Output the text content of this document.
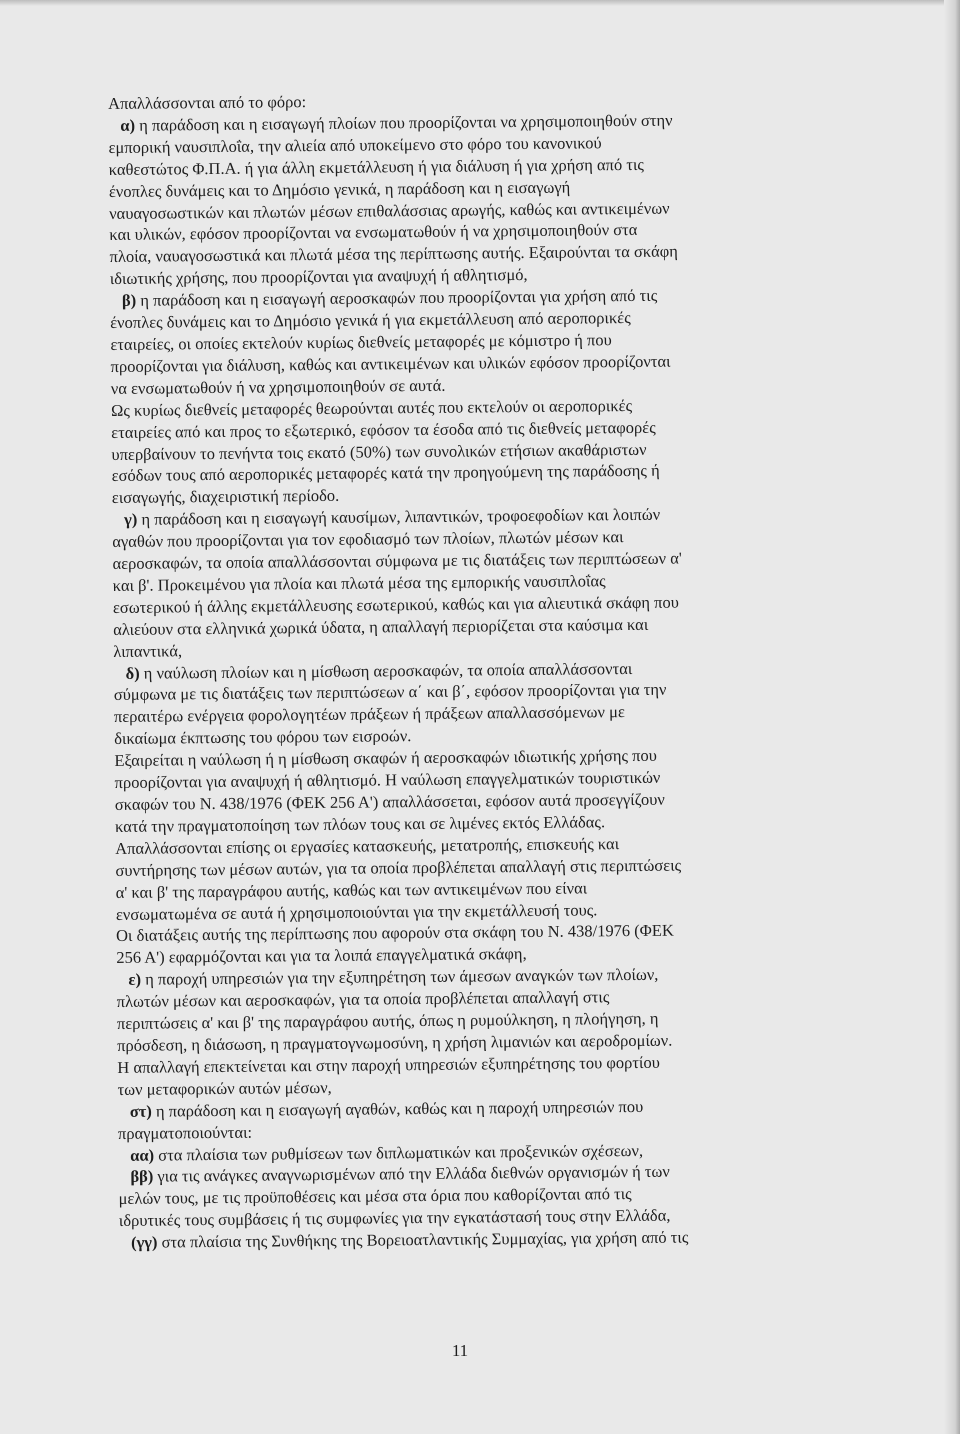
Απαλλάσσονται από το φόρο:
α) η παράδοση και η εισαγωγή πλοίων που προορίζονται να χρησιμοποιηθούν στην
εμπορική ναυσιπλοΐα, την αλιεία από υποκείμενο στο φόρο του κανονικού
καθεστώτος Φ.Π.Α. ή για άλλη εκμετάλλευση ή για διάλυση ή για χρήση από τις
ένοπλες δυνάμεις και το Δημόσιο γενικά, η παράδοση και η εισαγωγή
ναυαγοσωστικών και πλωτών μέσων επιθαλάσσιας αρωγής, καθώς και αντικειμένων
και υλικών, εφόσον προορίζονται να ενσωματωθούν ή να χρησιμοποιηθούν στα
πλοία, ναυαγοσωστικά και πλωτά μέσα της περίπτωσης αυτής. Εξαιρούνται τα σκάφη
ιδιωτικής χρήσης, που προορίζονται για αναψυχή ή αθλητισμό,
β) η παράδοση και η εισαγωγή αεροσκαφών που προορίζονται για χρήση από τις
ένοπλες δυνάμεις και το Δημόσιο γενικά ή για εκμετάλλευση από αεροπορικές
εταιρείες, οι οποίες εκτελούν κυρίως διεθνείς μεταφορές με κόμιστρο ή που
προορίζονται για διάλυση, καθώς και αντικειμένων και υλικών εφόσον προορίζονται
να ενσωματωθούν ή να χρησιμοποιηθούν σε αυτά.
Ως κυρίως διεθνείς μεταφορές θεωρούνται αυτές που εκτελούν οι αεροπορικές
εταιρείες από και προς το εξωτερικό, εφόσον τα έσοδα από τις διεθνείς μεταφορές
υπερβαίνουν το πενήντα τοις εκατό (50%) των συνολικών ετήσιων ακαθάριστων
εσόδων τους από αεροπορικές μεταφορές κατά την προηγούμενη της παράδοσης ή
εισαγωγής, διαχειριστική περίοδο.
γ) η παράδοση και η εισαγωγή καυσίμων, λιπαντικών, τροφοεφοδίων και λοιπών
αγαθών που προορίζονται για τον εφοδιασμό των πλοίων, πλωτών μέσων και
αεροσκαφών, τα οποία απαλλάσσονται σύμφωνα με τις διατάξεις των περιπτώσεων α'
και β'. Προκειμένου για πλοία και πλωτά μέσα της εμπορικής ναυσιπλοΐας
εσωτερικού ή άλλης εκμετάλλευσης εσωτερικού, καθώς και για αλιευτικά σκάφη που
αλιεύουν στα ελληνικά χωρικά ύδατα, η απαλλαγή περιορίζεται στα καύσιμα και
λιπαντικά,
δ) η ναύλωση πλοίων και η μίσθωση αεροσκαφών, τα οποία απαλλάσσονται
σύμφωνα με τις διατάξεις των περιπτώσεων α΄ και β΄, εφόσον προορίζονται για την
περαιτέρω ενέργεια φορολογητέων πράξεων ή πράξεων απαλλασσόμενων με
δικαίωμα έκπτωσης του φόρου των εισροών.
Εξαιρείται η ναύλωση ή η μίσθωση σκαφών ή αεροσκαφών ιδιωτικής χρήσης που
προορίζονται για αναψυχή ή αθλητισμό. Η ναύλωση επαγγελματικών τουριστικών
σκαφών του Ν. 438/1976 (ΦΕΚ 256 Α') απαλλάσσεται, εφόσον αυτά προσεγγίζουν
κατά την πραγματοποίηση των πλόων τους και σε λιμένες εκτός Ελλάδας.
Απαλλάσσονται επίσης οι εργασίες κατασκευής, μετατροπής, επισκευής και
συντήρησης των μέσων αυτών, για τα οποία προβλέπεται απαλλαγή στις περιπτώσεις
α' και β' της παραγράφου αυτής, καθώς και των αντικειμένων που είναι
ενσωματωμένα σε αυτά ή χρησιμοποιούνται για την εκμετάλλευσή τους.
Οι διατάξεις αυτής της περίπτωσης που αφορούν στα σκάφη του Ν. 438/1976 (ΦΕΚ
256 Α') εφαρμόζονται και για τα λοιπά επαγγελματικά σκάφη,
ε) η παροχή υπηρεσιών για την εξυπηρέτηση των άμεσων αναγκών των πλοίων,
πλωτών μέσων και αεροσκαφών, για τα οποία προβλέπεται απαλλαγή στις
περιπτώσεις α' και β' της παραγράφου αυτής, όπως η ρυμούλκηση, η πλοήγηση, η
πρόσδεση, η διάσωση, η πραγματογνωμοσύνη, η χρήση λιμανιών και αεροδρομίων.
Η απαλλαγή επεκτείνεται και στην παροχή υπηρεσιών εξυπηρέτησης του φορτίου
των μεταφορικών αυτών μέσων,
στ) η παράδοση και η εισαγωγή αγαθών, καθώς και η παροχή υπηρεσιών που
πραγματοποιούνται:
αα) στα πλαίσια των ρυθμίσεων των διπλωματικών και προξενικών σχέσεων,
ββ) για τις ανάγκες αναγνωρισμένων από την Ελλάδα διεθνών οργανισμών ή των
μελών τους, με τις προϋποθέσεις και μέσα στα όρια που καθορίζονται από τις
ιδρυτικές τους συμβάσεις ή τις συμφωνίες για την εγκατάστασή τους στην Ελλάδα,
(γγ) στα πλαίσια της Συνθήκης της Βορειοατλαντικής Συμμαχίας, για χρήση από τις
11
